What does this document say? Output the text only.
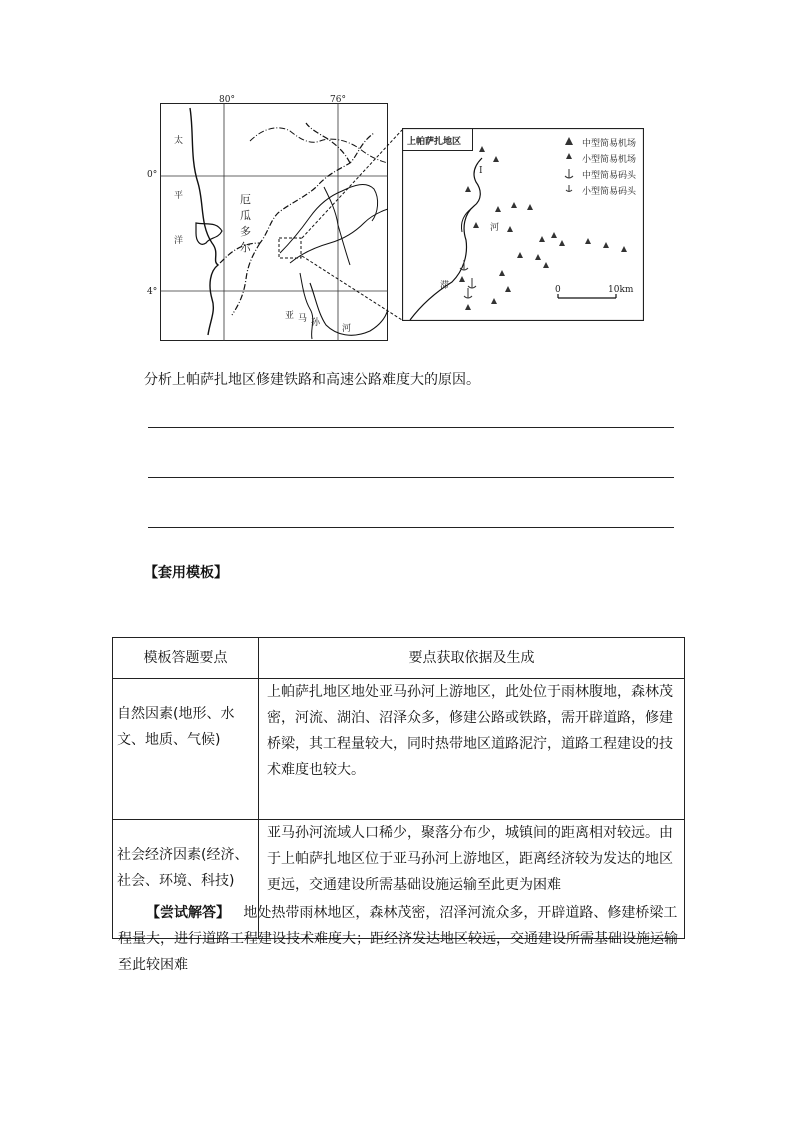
80°	76°
0°
4°
太
平
洋
厄
瓜
多
尔
亚 马 孙
河
上帕萨扎地区
I
河
滞
中型简易机场
小型简易机场
中型简易码头
小型简易码头
0	10km
分析上帕萨扎地区修建铁路和高速公路难度大的原因。
【套用模板】
模板答题要点	要点获取依据及生成
自然因素(地形、水文、地质、气候)	上帕萨扎地区地处亚马孙河上游地区，此处位于雨林腹地，森林茂密，河流、湖泊、沼泽众多，修建公路或铁路，需开辟道路，修建桥梁，其工程量较大，同时热带地区道路泥泞，道路工程建设的技术难度也较大。
社会经济因素(经济、社会、环境、科技)	亚马孙河流域人口稀少，聚落分布少，城镇间的距离相对较远。由于上帕萨扎地区位于亚马孙河上游地区，距离经济较为发达的地区更远，交通建设所需基础设施运输至此更为困难
【尝试解答】 地处热带雨林地区，森林茂密，沼泽河流众多，开辟道路、修建桥梁工程量大，进行道路工程建设技术难度大；距经济发达地区较远，交通建设所需基础设施运输至此较困难
